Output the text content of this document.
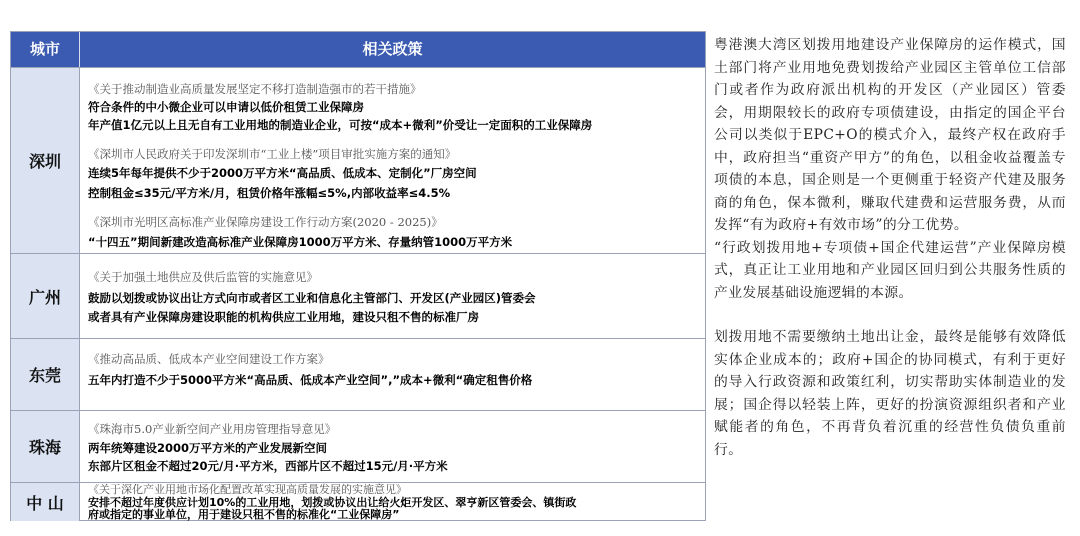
城市	相关政策
深圳
《关于推动制造业高质量发展坚定不移打造制造强市的若干措施》
符合条件的中小微企业可以申请以低价租赁工业保障房
年产值1亿元以上且无自有工业用地的制造业企业，可按“成本+微利”价受让一定面积的工业保障房
《深圳市人民政府关于印发深圳市“工业上楼”项目审批实施方案的通知》
连续5年每年提供不少于2000万平方米“高品质、低成本、定制化”厂房空间
控制租金≤35元/平方米/月，租赁价格年涨幅≤5%,内部收益率≤4.5%
《深圳市光明区高标准产业保障房建设工作行动方案(2020 - 2025)》
“十四五”期间新建改造高标准产业保障房1000万平方米、存量纳管1000万平方米
广州
《关于加强土地供应及供后监管的实施意见》
鼓励以划拨或协议出让方式向市或者区工业和信息化主管部门、开发区(产业园区)管委会
或者具有产业保障房建设职能的机构供应工业用地，建设只租不售的标准厂房
东莞
《推动高品质、低成本产业空间建设工作方案》
五年内打造不少于5000平方米“高品质、低成本产业空间”,”成本+微利“确定租售价格
珠海
《珠海市5.0产业新空间产业用房管理指导意见》
两年统筹建设2000万平方米的产业发展新空间
东部片区租金不超过20元/月·平方米，西部片区不超过15元/月·平方米
中 山
《关于深化产业用地市场化配置改革实现高质量发展的实施意见》
安排不超过年度供应计划10%的工业用地，划拨或协议出让给火炬开发区、翠亨新区管委会、镇街政
府或指定的事业单位，用于建设只租不售的标准化“工业保障房”

粤港澳大湾区划拨用地建设产业保障房的运作模式，国土部门将产业用地免费划拨给产业园区主管单位工信部门或者作为政府派出机构的开发区（产业园区）管委会，用期限较长的政府专项债建设，由指定的国企平台公司以类似于EPC+O的模式介入，最终产权在政府手中，政府担当“重资产甲方”的角色，以租金收益覆盖专项债的本息，国企则是一个更侧重于轻资产代建及服务商的角色，保本微利，赚取代建费和运营服务费，从而发挥“有为政府+有效市场”的分工优势。

“行政划拨用地+专项债+国企代建运营”产业保障房模式，真正让工业用地和产业园区回归到公共服务性质的产业发展基础设施逻辑的本源。

划拨用地不需要缴纳土地出让金，最终是能够有效降低实体企业成本的；政府+国企的协同模式，有利于更好的导入行政资源和政策红利，切实帮助实体制造业的发展；国企得以轻装上阵，更好的扮演资源组织者和产业赋能者的角色，不再背负着沉重的经营性负债负重前行。
